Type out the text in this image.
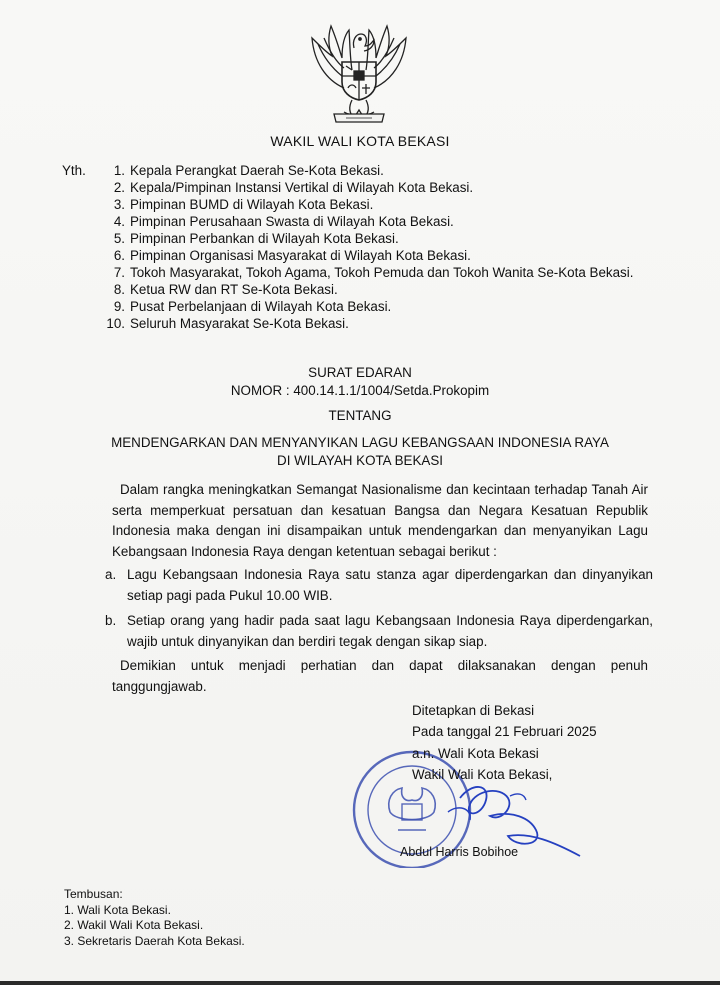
WAKIL WALI KOTA BEKASI
Yth.	1. Kepala Perangkat Daerah Se-Kota Bekasi.
2. Kepala/Pimpinan Instansi Vertikal di Wilayah Kota Bekasi.
3. Pimpinan BUMD di Wilayah Kota Bekasi.
4. Pimpinan Perusahaan Swasta di Wilayah Kota Bekasi.
5. Pimpinan Perbankan di Wilayah Kota Bekasi.
6. Pimpinan Organisasi Masyarakat di Wilayah Kota Bekasi.
7. Tokoh Masyarakat, Tokoh Agama, Tokoh Pemuda dan Tokoh Wanita Se-Kota Bekasi.
8. Ketua RW dan RT Se-Kota Bekasi.
9. Pusat Perbelanjaan di Wilayah Kota Bekasi.
10. Seluruh Masyarakat Se-Kota Bekasi.
SURAT EDARAN
NOMOR : 400.14.1.1/1004/Setda.Prokopim
TENTANG
MENDENGARKAN DAN MENYANYIKAN LAGU KEBANGSAAN INDONESIA RAYA
DI WILAYAH KOTA BEKASI
Dalam rangka meningkatkan Semangat Nasionalisme dan kecintaan terhadap Tanah Air serta memperkuat persatuan dan kesatuan Bangsa dan Negara Kesatuan Republik Indonesia maka dengan ini disampaikan untuk mendengarkan dan menyanyikan Lagu Kebangsaan Indonesia Raya dengan ketentuan sebagai berikut :
a. Lagu Kebangsaan Indonesia Raya satu stanza agar diperdengarkan dan dinyanyikan setiap pagi pada Pukul 10.00 WIB.
b. Setiap orang yang hadir pada saat lagu Kebangsaan Indonesia Raya diperdengarkan, wajib untuk dinyanyikan dan berdiri tegak dengan sikap siap.
Demikian untuk menjadi perhatian dan dapat dilaksanakan dengan penuh tanggungjawab.
Ditetapkan di Bekasi
Pada tanggal 21 Februari 2025
a.n. Wali Kota Bekasi
Wakil Wali Kota Bekasi,
Abdul Harris Bobihoe
Tembusan:
1. Wali Kota Bekasi.
2. Wakil Wali Kota Bekasi.
3. Sekretaris Daerah Kota Bekasi.
